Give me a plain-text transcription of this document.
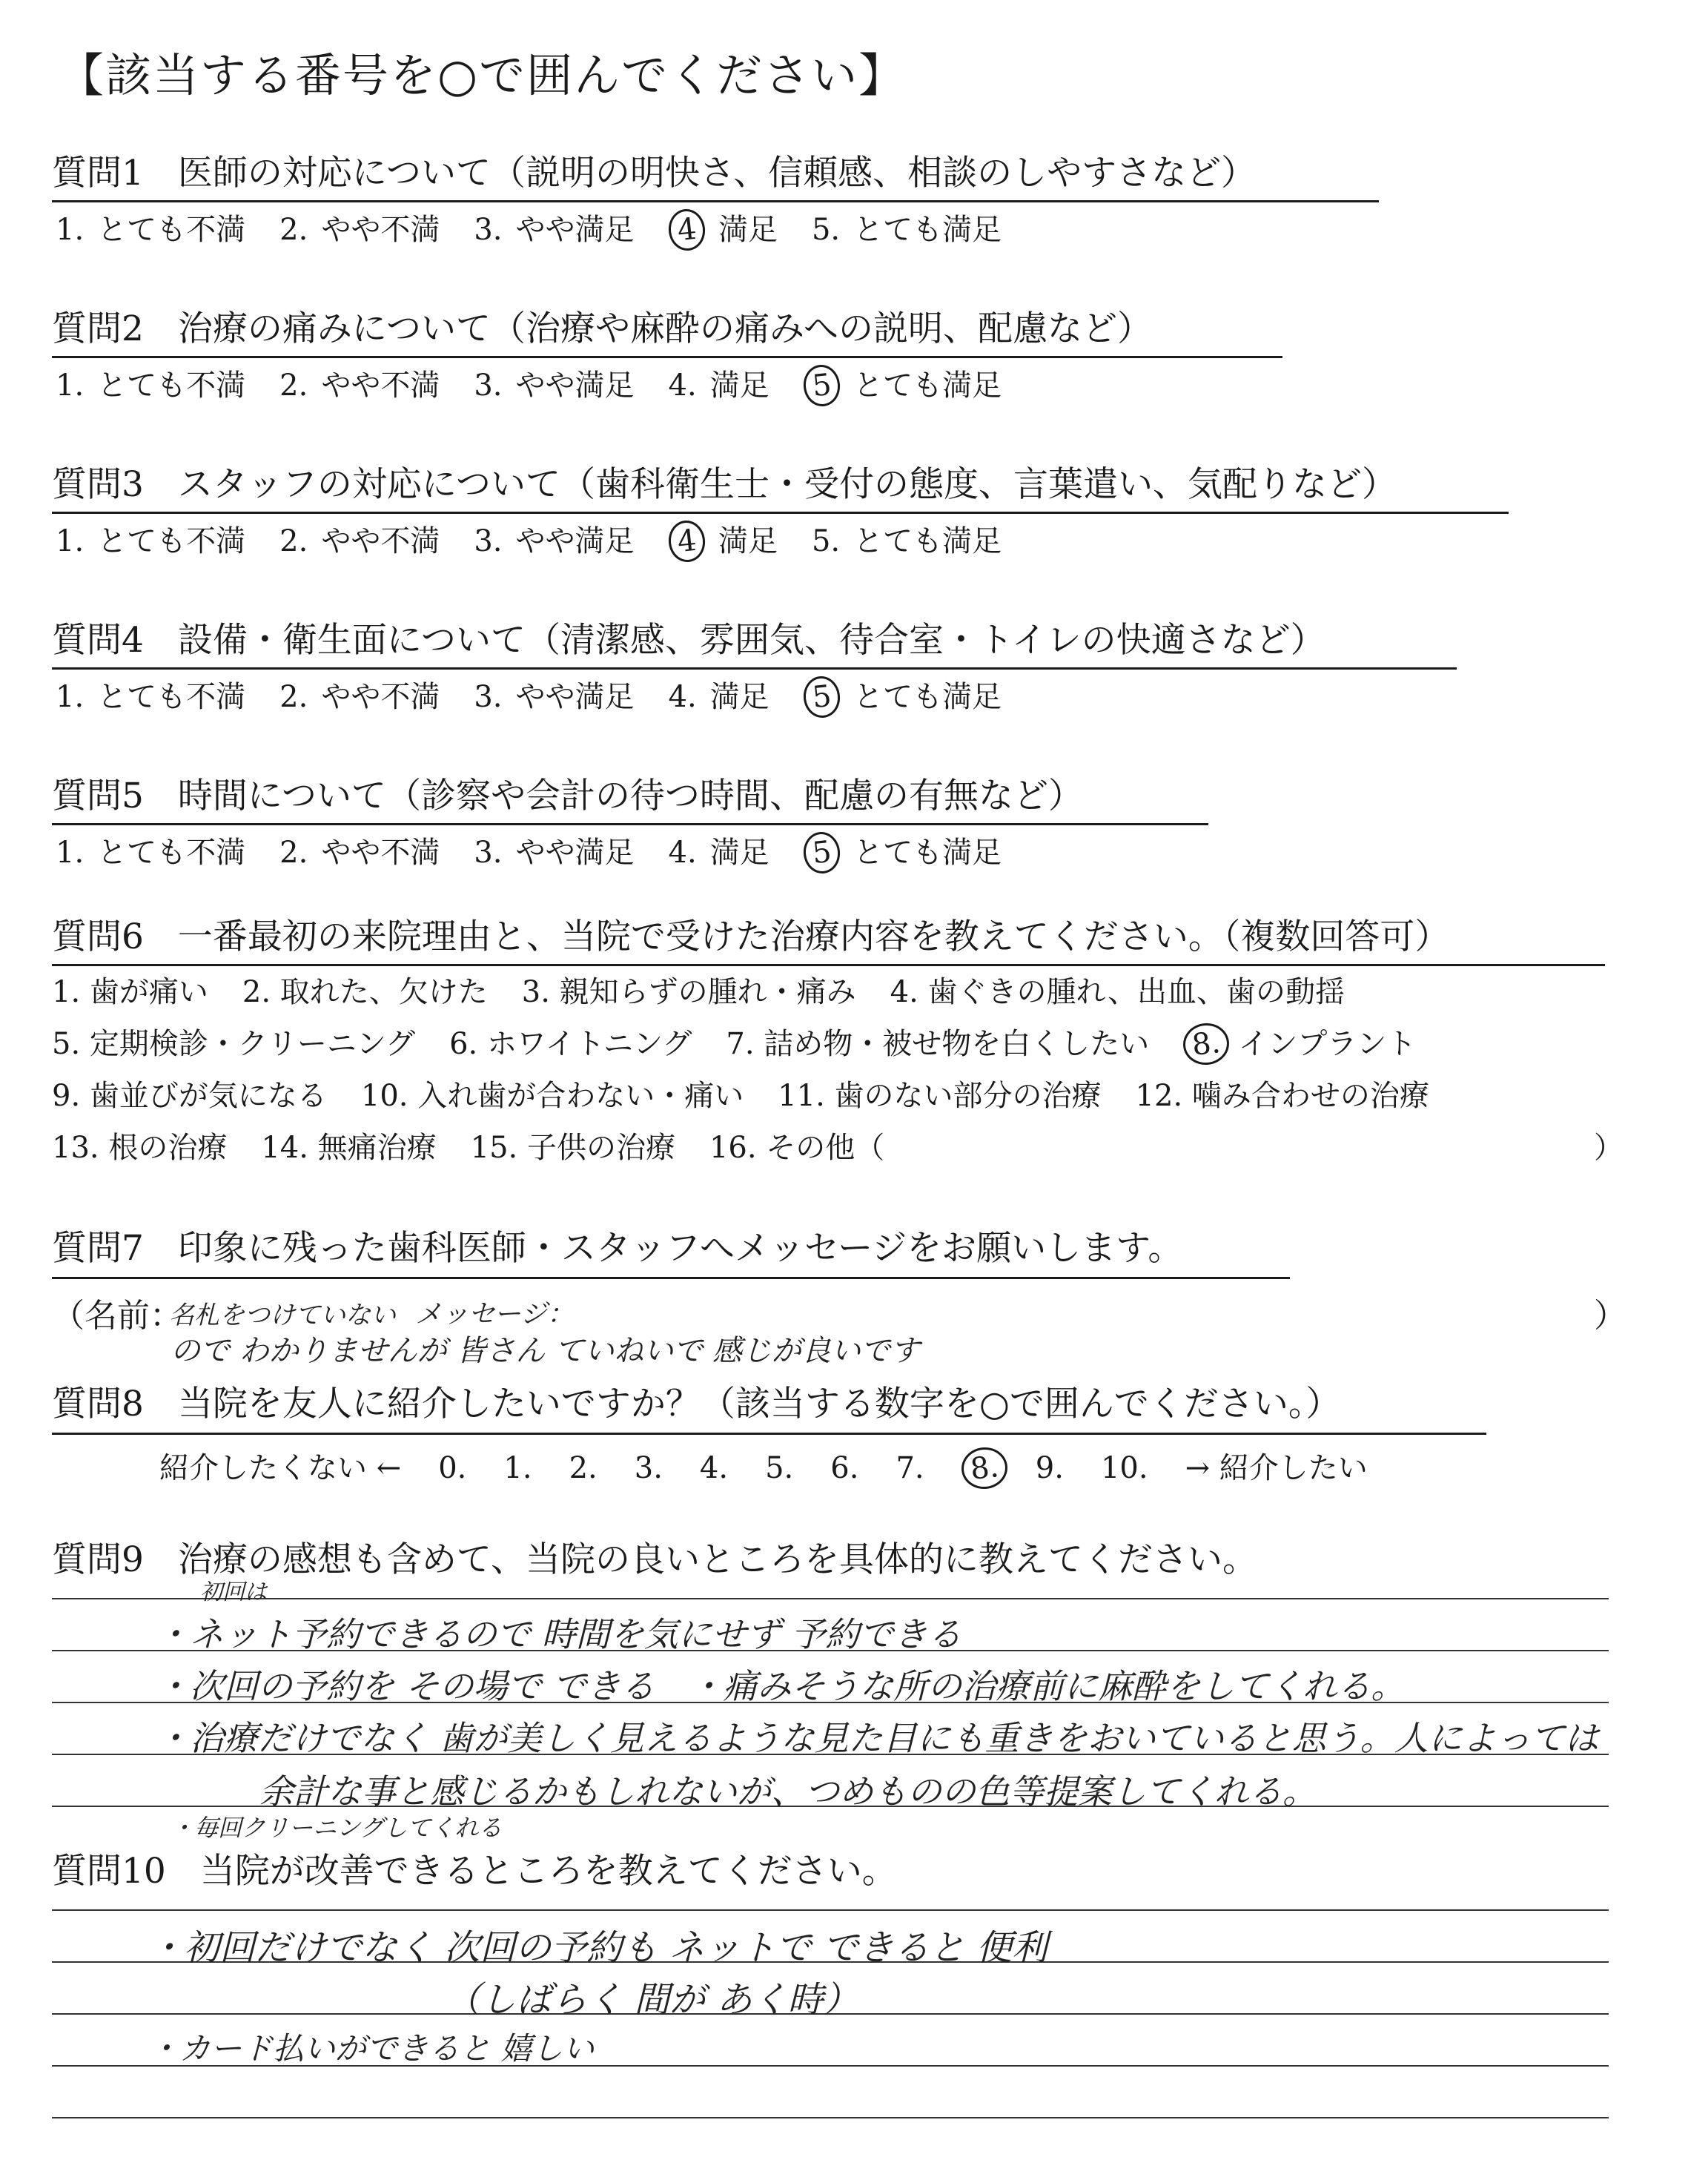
【該当する番号を○で囲んでください】
質問1 医師の対応について（説明の明快さ、信頼感、相談のしやすさなど）
1. とても不満 2. やや不満 3. やや満足 4 満足 5. とても満足
質問2 治療の痛みについて（治療や麻酔の痛みへの説明、配慮など）
1. とても不満 2. やや不満 3. やや満足 4. 満足 5 とても満足
質問3 スタッフの対応について（歯科衛生士・受付の態度、言葉遣い、気配りなど）
1. とても不満 2. やや不満 3. やや満足 4 満足 5. とても満足
質問4 設備・衛生面について（清潔感、雰囲気、待合室・トイレの快適さなど）
1. とても不満 2. やや不満 3. やや満足 4. 満足 5 とても満足
質問5 時間について（診察や会計の待つ時間、配慮の有無など）
1. とても不満 2. やや不満 3. やや満足 4. 満足 5 とても満足
質問6 一番最初の来院理由と、当院で受けた治療内容を教えてください。（複数回答可）
1. 歯が痛い 2. 取れた、欠けた 3. 親知らずの腫れ・痛み 4. 歯ぐきの腫れ、出血、歯の動揺
5. 定期検診・クリーニング 6. ホワイトニング 7. 詰め物・被せ物を白くしたい 8. インプラント
9. 歯並びが気になる 10. 入れ歯が合わない・痛い 11. 歯のない部分の治療 12. 噛み合わせの治療
13. 根の治療 14. 無痛治療 15. 子供の治療 16. その他（	）
質問7 印象に残った歯科医師・スタッフへメッセージをお願いします。
（名前：
名札をつけていない メッセージ：	）
ので わかりませんが 皆さん ていねいで 感じが良いです
質問8 当院を友人に紹介したいですか？（該当する数字を○で囲んでください。）
紹介したくない ← 0. 1. 2. 3. 4. 5. 6. 7. 8. 9. 10. → 紹介したい
質問9 治療の感想も含めて、当院の良いところを具体的に教えてください。
初回は
・ネット予約できるので 時間を気にせず 予約できる
・次回の予約を その場で できる　・痛みそうな所の治療前に麻酔をしてくれる。
・治療だけでなく 歯が美しく見えるような見た目にも重きをおいていると思う。人によっては
余計な事と感じるかもしれないが、つめものの色等提案してくれる。
・毎回クリーニングしてくれる
質問10 当院が改善できるところを教えてください。
・初回だけでなく 次回の予約も ネットで できると 便利
（しばらく 間が あく時）
・カード払いができると 嬉しい
